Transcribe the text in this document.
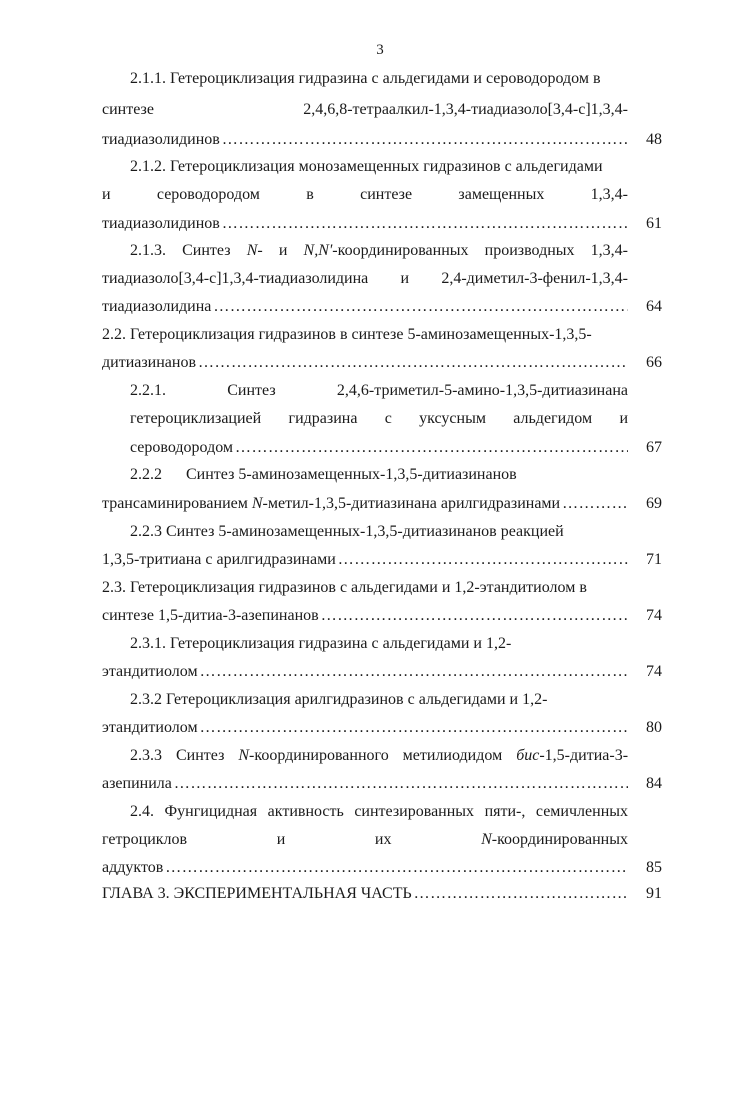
3
2.1.1. Гетероциклизация гидразина с альдегидами и сероводородом в
синтезе 2,4,6,8-тетраалкил-1,3,4-тиадиазоло[3,4-c]1,3,4-
тиадиазолидинов ………………………………………………………………………………………………………………………………………………	48
2.1.2. Гетероциклизация монозамещенных гидразинов с альдегидами
и сероводородом в синтезе замещенных 1,3,4-
тиадиазолидинов ………………………………………………………………………………………………………………………………………………	61
2.1.3. Синтез N- и N,N'-координированных производных 1,3,4-
тиадиазоло[3,4-c]1,3,4-тиадиазолидина и 2,4-диметил-3-фенил-1,3,4-
тиадиазолидина ………………………………………………………………………………………………………………………………………………	64
2.2. Гетероциклизация гидразинов в синтезе 5-аминозамещенных-1,3,5-
дитиазинанов ………………………………………………………………………………………………………………………………………………	66
2.2.1. Синтез 2,4,6-триметил-5-амино-1,3,5-дитиазинана
гетероциклизацией гидразина с уксусным альдегидом и
сероводородом ………………………………………………………………………………………………………………………………………………	67
2.2.2      Синтез 5-аминозамещенных-1,3,5-дитиазинанов
трансаминированием N-метил-1,3,5-дитиазинана арилгидразинами ………………………………………………………………………………………………………………………………………………	69
2.2.3 Синтез 5-аминозамещенных-1,3,5-дитиазинанов реакцией
1,3,5-тритиана с арилгидразинами ………………………………………………………………………………………………………………………………………………	71
2.3. Гетероциклизация гидразинов с альдегидами и 1,2-этандитиолом в
синтезе 1,5-дитиа-3-азепинанов ………………………………………………………………………………………………………………………………………………	74
2.3.1. Гетероциклизация гидразина с альдегидами и 1,2-
этандитиолом ………………………………………………………………………………………………………………………………………………	74
2.3.2 Гетероциклизация арилгидразинов с альдегидами и 1,2-
этандитиолом ………………………………………………………………………………………………………………………………………………	80
2.3.3 Синтез N-координированного метилиодидом бис-1,5-дитиа-3-
азепинила ………………………………………………………………………………………………………………………………………………	84
2.4. Фунгицидная активность синтезированных пяти-, семичленных
гетроциклов и их N-координированных
аддуктов ………………………………………………………………………………………………………………………………………………	85
ГЛАВА 3. ЭКСПЕРИМЕНТАЛЬНАЯ ЧАСТЬ ………………………………………………………………………………………………………………………………………………	91
